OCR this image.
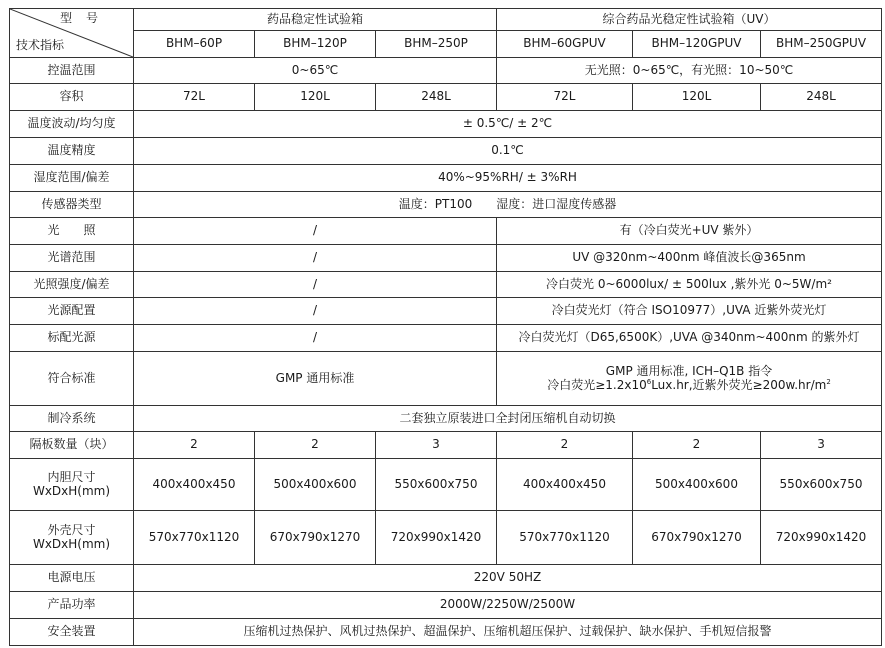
型 号
技术指标	药品稳定性试验箱			综合药品光稳定性试验箱（UV）		
	BHM–60P	BHM–120P	BHM–250P	BHM–60GPUV	BHM–120GPUV	BHM–250GPUV
控温范围	0~65℃			无光照：0~65℃，有光照：10~50℃		
容积	72L	120L	248L	72L	120L	248L
温度波动/均匀度	± 0.5℃/ ± 2℃					
温度精度	0.1℃					
湿度范围/偏差	40%~95%RH/ ± 3%RH					
传感器类型	温度：PT100　　湿度：进口湿度传感器					
光　　照	/			有（冷白荧光+UV 紫外）		
光谱范围	/			UV @320nm~400nm 峰值波长@365nm		
光照强度/偏差	/			冷白荧光 0~6000lux/ ± 500lux ,紫外光 0~5W/m²		
光源配置	/			冷白荧光灯（符合 ISO10977）,UVA 近紫外荧光灯		
标配光源	/			冷白荧光灯（D65,6500K）,UVA @340nm~400nm 的紫外灯		
符合标准	GMP 通用标准			GMP 通用标准, ICH–Q1B 指令
冷白荧光$\ge 1.2x10^6Lux.hr$,近紫外荧光$\ge 200w.hr/m^2$

制冷系统	二套独立原装进口全封闭压缩机自动切换					
隔板数量（块）	2	2	3	2	2	3

内胆尺寸
WxDxH(mm)	400x400x450	500x400x600	550x600x750	400x400x450	500x400x600	550x600x750

外壳尺寸
WxDxH(mm)	570x770x1120	670x790x1270	720x990x1420	570x770x1120	670x790x1270	720x990x1420
电源电压	220V 50HZ					
产品功率	2000W/2250W/2500W					
安全装置	压缩机过热保护、风机过热保护、超温保护、压缩机超压保护、过载保护、缺水保护、手机短信报警					
